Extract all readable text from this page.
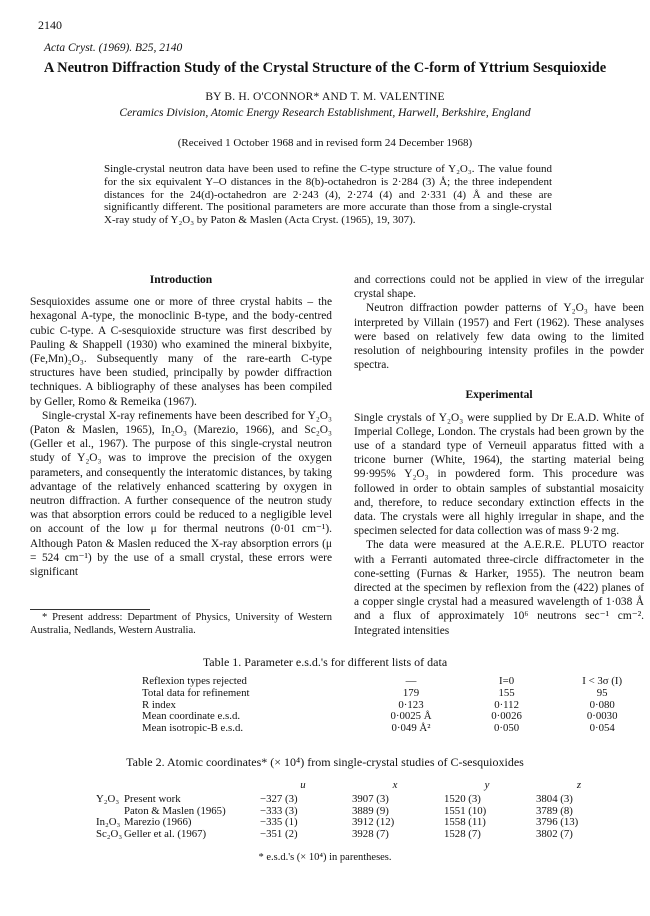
2140
Acta Cryst. (1969). B25, 2140
A Neutron Diffraction Study of the Crystal Structure of the C-form of Yttrium Sesquioxide
BY B. H. O'CONNOR* AND T. M. VALENTINE
Ceramics Division, Atomic Energy Research Establishment, Harwell, Berkshire, England
(Received 1 October 1968 and in revised form 24 December 1968)
Single-crystal neutron data have been used to refine the C-type structure of Y₂O₃. The value found for the six equivalent Y–O distances in the 8(b)-octahedron is 2·284 (3) Å; the three independent distances for the 24(d)-octahedron are 2·243 (4), 2·274 (4) and 2·331 (4) Å and these are significantly different. The positional parameters are more accurate than those from a single-crystal X-ray study of Y₂O₃ by Paton & Maslen (Acta Cryst. (1965), 19, 307).
Introduction

Sesquioxides assume one or more of three crystal habits – the hexagonal A-type, the monoclinic B-type, and the body-centred cubic C-type. A C-sesquioxide structure was first described by Pauling & Shappell (1930) who examined the mineral bixbyite, (Fe,Mn)₂O₃. Subsequently many of the rare-earth C-type structures have been studied, principally by powder diffraction techniques. A bibliography of these analyses has been compiled by Geller, Romo & Remeika (1967).

Single-crystal X-ray refinements have been described for Y₂O₃ (Paton & Maslen, 1965), In₂O₃ (Marezio, 1966), and Sc₂O₃ (Geller et al., 1967). The purpose of this single-crystal neutron study of Y₂O₃ was to improve the precision of the oxygen parameters, and consequently the interatomic distances, by taking advantage of the relatively enhanced scattering by oxygen in neutron diffraction. A further consequence of the neutron study was that absorption errors could be reduced to a negligible level on account of the low μ for thermal neutrons (0·01 cm⁻¹). Although Paton & Maslen reduced the X-ray absorption errors (μ = 524 cm⁻¹) by the use of a small crystal, these errors were significant

* Present address: Department of Physics, University of Western Australia, Nedlands, Western Australia.

and corrections could not be applied in view of the irregular crystal shape.

Neutron diffraction powder patterns of Y₂O₃ have been interpreted by Villain (1957) and Fert (1962). These analyses were based on relatively few data owing to the limited resolution of neighbouring intensity profiles in the powder spectra.

Experimental

Single crystals of Y₂O₃ were supplied by Dr E.A.D. White of Imperial College, London. The crystals had been grown by the use of a standard type of Verneuil apparatus fitted with a tricone burner (White, 1964), the starting material being 99·995% Y₂O₃ in powdered form. This procedure was followed in order to obtain samples of substantial mosaicity and, therefore, to reduce secondary extinction effects in the data. The crystals were all highly irregular in shape, and the specimen selected for data collection was of mass 9·2 mg.

The data were measured at the A.E.R.E. PLUTO reactor with a Ferranti automated three-circle diffractometer in the cone-setting (Furnas & Harker, 1955). The neutron beam directed at the specimen by reflexion from the (422) planes of a copper single crystal had a measured wavelength of 1·038 Å and a flux of approximately 10⁶ neutrons sec⁻¹ cm⁻². Integrated intensities

Table 1. Parameter e.s.d.'s for different lists of data
Reflexion types rejected	—	I=0	I < 3σ (I)
Total data for refinement	179	155	95
R index	0·123	0·112	0·080
Mean coordinate e.s.d.	0·0025 Å	0·0026	0·0030
Mean isotropic-B e.s.d.	0·049 Å²	0·050	0·054
Table 2. Atomic coordinates* (× 10⁴) from single-crystal studies of C-sesquioxides
		u	x	y	z
Y₂O₃	Present work	−327 (3)	3907 (3)	1520 (3)	3804 (3)
	Paton & Maslen (1965)	−333 (3)	3889 (9)	1551 (10)	3789 (8)
In₂O₃	Marezio (1966)	−335 (1)	3912 (12)	1558 (11)	3796 (13)
Sc₂O₃	Geller et al. (1967)	−351 (2)	3928 (7)	1528 (7)	3802 (7)
* e.s.d.'s (× 10⁴) in parentheses.
